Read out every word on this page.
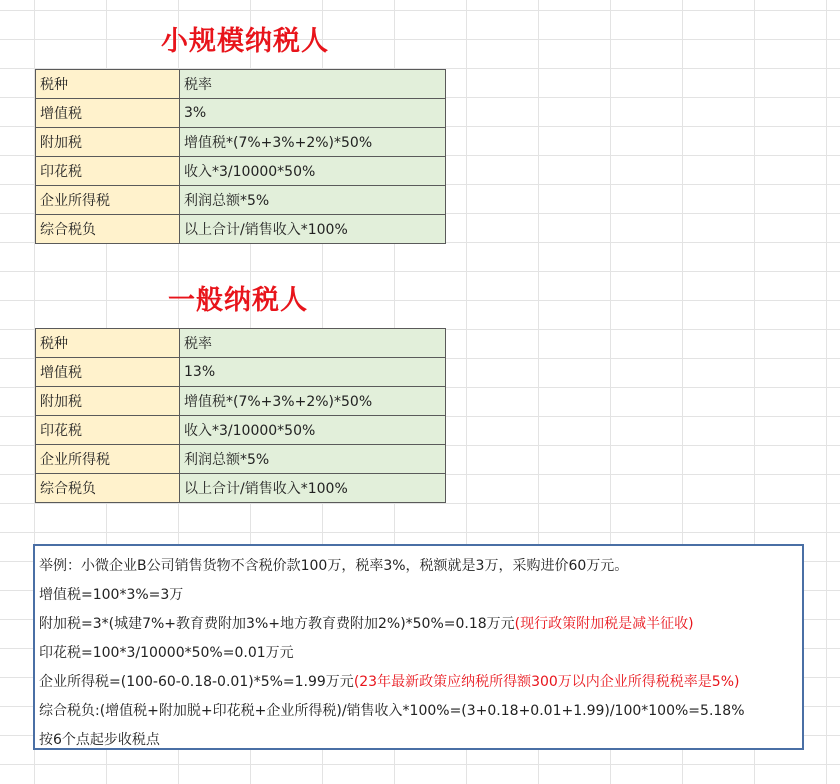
小规模纳税人
税种	税率
增值税	3%
附加税	增值税*(7%+3%+2%)*50%
印花税	收入*3/10000*50%
企业所得税	利润总额*5%
综合税负	以上合计/销售收入*100%
一般纳税人
税种	税率
增值税	13%
附加税	增值税*(7%+3%+2%)*50%
印花税	收入*3/10000*50%
企业所得税	利润总额*5%
综合税负	以上合计/销售收入*100%
举例：小微企业B公司销售货物不含税价款100万，税率3%，税额就是3万，采购进价60万元。
增值税=100*3%=3万
附加税=3*(城建7%+教育费附加3%+地方教育费附加2%)*50%=0.18万元(现行政策附加税是减半征收)
印花税=100*3/10000*50%=0.01万元
企业所得税=(100-60-0.18-0.01)*5%=1.99万元(23年最新政策应纳税所得额300万以内企业所得税税率是5%)
综合税负:(增值税+附加脱+印花税+企业所得税)/销售收入*100%=(3+0.18+0.01+1.99)/100*100%=5.18%
按6个点起步收税点
